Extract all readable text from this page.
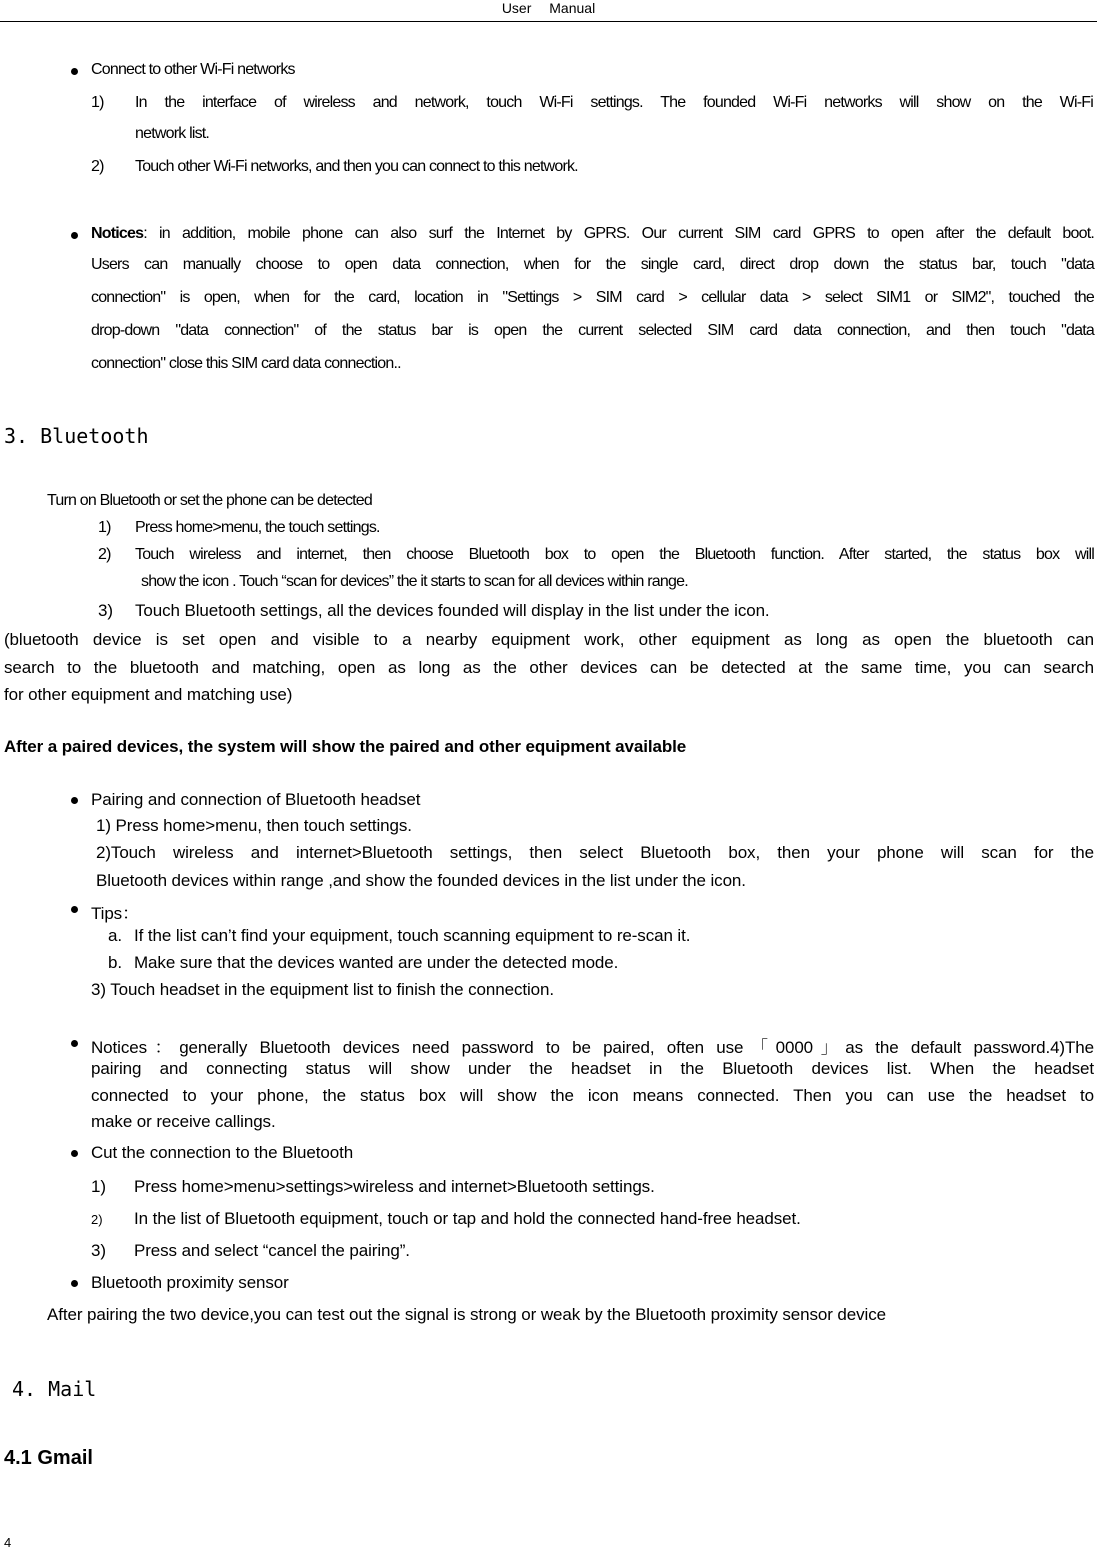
User Manual
Connect to other Wi-Fi networks
1) In the interface of wireless and network, touch Wi-Fi settings. The founded Wi-Fi networks will show on the Wi-Fi
network list.
2) Touch other Wi-Fi networks, and then you can connect to this network.
Notices: in addition, mobile phone can also surf the Internet by GPRS. Our current SIM card GPRS to open after the default boot.
Users can manually choose to open data connection, when for the single card, direct drop down the status bar, touch "data
connection" is open, when for the card, location in "Settings > SIM card > cellular data > select SIM1 or SIM2", touched the
drop-down "data connection" of the status bar is open the current selected SIM card data connection, and then touch "data
connection" close this SIM card data connection..
3. Bluetooth
Turn on Bluetooth or set the phone can be detected
1) Press home>menu, the touch settings.
2) Touch wireless and internet, then choose Bluetooth box to open the Bluetooth function. After started, the status box will
show the icon . Touch “scan for devices” the it starts to scan for all devices within range.
3) Touch Bluetooth settings, all the devices founded will display in the list under the icon.
(bluetooth device is set open and visible to a nearby equipment work, other equipment as long as open the bluetooth can
search to the bluetooth and matching, open as long as the other devices can be detected at the same time, you can search
for other equipment and matching use)
After a paired devices, the system will show the paired and other equipment available
Pairing and connection of Bluetooth headset
1) Press home>menu, then touch settings.
2)Touch wireless and internet>Bluetooth settings, then select Bluetooth box, then your phone will scan for the
Bluetooth devices within range ,and show the founded devices in the list under the icon.
Tips：
a. If the list can’t find your equipment, touch scanning equipment to re-scan it.
b. Make sure that the devices wanted are under the detected mode.
3) Touch headset in the equipment list to finish the connection.
Notices：generally Bluetooth devices need password to be paired, often use「0000」as the default password.4)The
pairing and connecting status will show under the headset in the Bluetooth devices list. When the headset
connected to your phone, the status box will show the icon means connected. Then you can use the headset to
make or receive callings.
Cut the connection to the Bluetooth
1) Press home>menu>settings>wireless and internet>Bluetooth settings.
2) In the list of Bluetooth equipment, touch or tap and hold the connected hand-free headset.
3) Press and select “cancel the pairing”.
Bluetooth proximity sensor
After pairing the two device,you can test out the signal is strong or weak by the Bluetooth proximity sensor device
4. Mail
4.1 Gmail
4
